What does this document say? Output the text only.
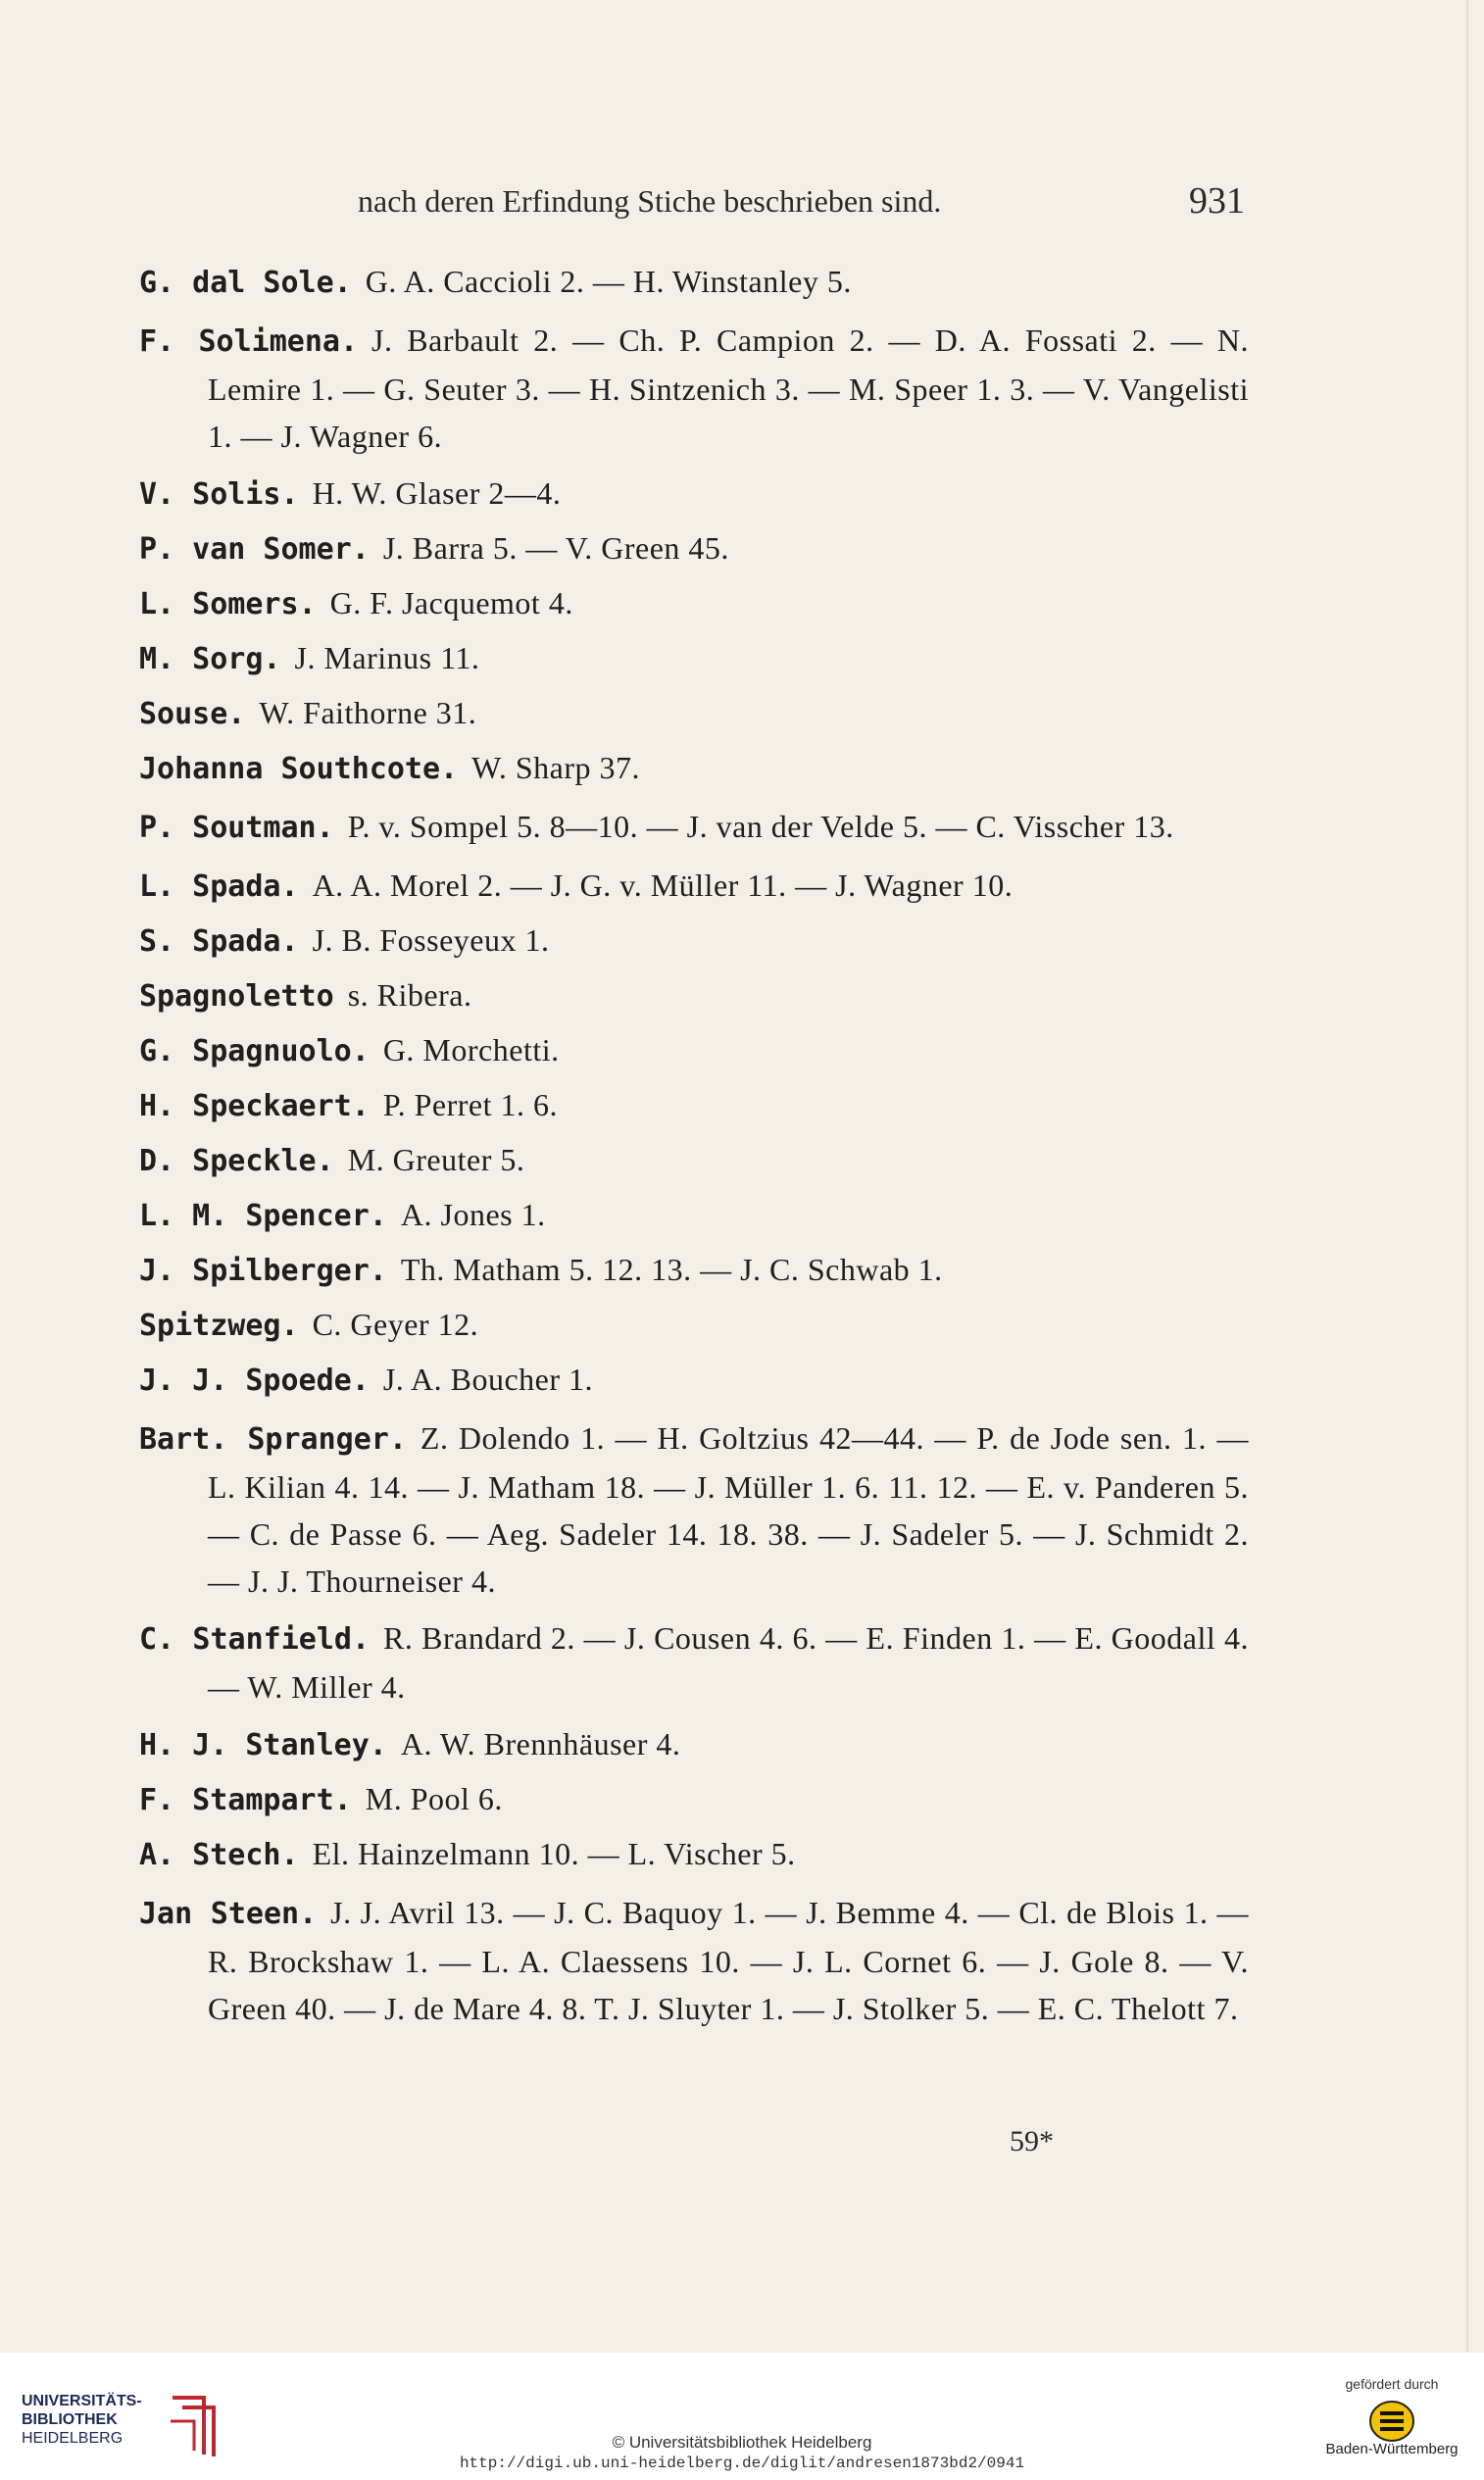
nach deren Erfindung Stiche beschrieben sind.	931
G. dal Sole. G. A. Caccioli 2. — H. Winstanley 5.
F. Solimena. J. Barbault 2. — Ch. P. Campion 2. — D. A. Fossati 2. — N. Lemire 1. — G. Seuter 3. — H. Sintzenich 3. — M. Speer 1. 3. — V. Vangelisti 1. — J. Wagner 6.
V. Solis. H. W. Glaser 2—4.
P. van Somer. J. Barra 5. — V. Green 45.
L. Somers. G. F. Jacquemot 4.
M. Sorg. J. Marinus 11.
Souse. W. Faithorne 31.
Johanna Southcote. W. Sharp 37.
P. Soutman. P. v. Sompel 5. 8—10. — J. van der Velde 5. — C. Visscher 13.
L. Spada. A. A. Morel 2. — J. G. v. Müller 11. — J. Wagner 10.
S. Spada. J. B. Fosseyeux 1.
Spagnoletto s. Ribera.
G. Spagnuolo. G. Morchetti.
H. Speckaert. P. Perret 1. 6.
D. Speckle. M. Greuter 5.
L. M. Spencer. A. Jones 1.
J. Spilberger. Th. Matham 5. 12. 13. — J. C. Schwab 1.
Spitzweg. C. Geyer 12.
J. J. Spoede. J. A. Boucher 1.
Bart. Spranger. Z. Dolendo 1. — H. Goltzius 42—44. — P. de Jode sen. 1. — L. Kilian 4. 14. — J. Matham 18. — J. Müller 1. 6. 11. 12. — E. v. Panderen 5. — C. de Passe 6. — Aeg. Sadeler 14. 18. 38. — J. Sadeler 5. — J. Schmidt 2. — J. J. Thourneiser 4.
C. Stanfield. R. Brandard 2. — J. Cousen 4. 6. — E. Finden 1. — E. Goodall 4. — W. Miller 4.
H. J. Stanley. A. W. Brennhäuser 4.
F. Stampart. M. Pool 6.
A. Stech. El. Hainzelmann 10. — L. Vischer 5.
Jan Steen. J. J. Avril 13. — J. C. Baquoy 1. — J. Bemme 4. — Cl. de Blois 1. — R. Brockshaw 1. — L. A. Claessens 10. — J. L. Cornet 6. — J. Gole 8. — V. Green 40. — J. de Mare 4. 8. T. J. Sluyter 1. — J. Stolker 5. — E. C. Thelott 7.
59*
UNIVERSITÄTS-
BIBLIOTHEK
HEIDELBERG	© Universitätsbibliothek Heidelberg
http://digi.ub.uni-heidelberg.de/diglit/andresen1873bd2/0941
gefördert durch
Baden-Württemberg
